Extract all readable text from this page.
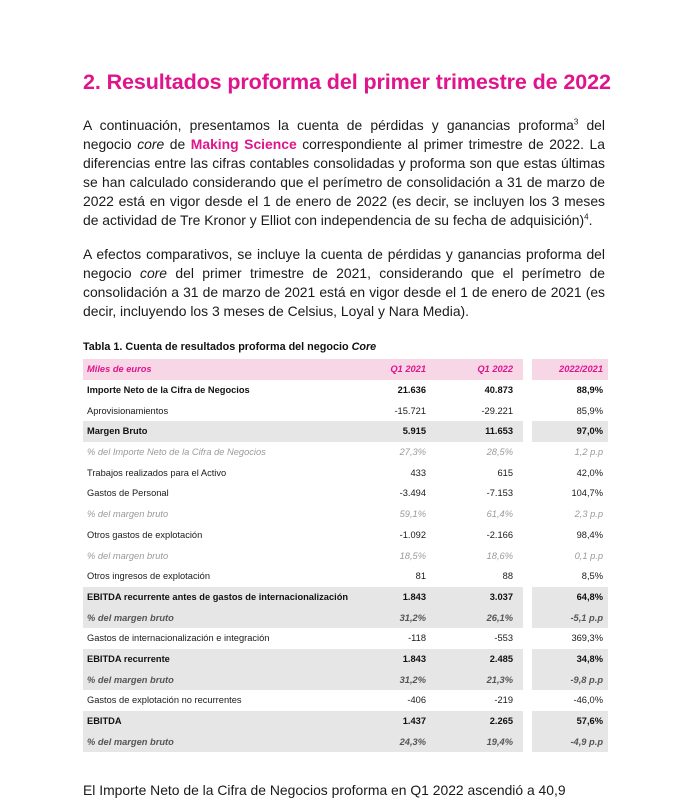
2. Resultados proforma del primer trimestre de 2022

A continuación, presentamos la cuenta de pérdidas y ganancias proforma$^3$ del negocio core de Making Science correspondiente al primer trimestre de 2022. La diferencias entre las cifras contables consolidadas y proforma son que estas últimas se han calculado considerando que el perímetro de consolidación a 31 de marzo de 2022 está en vigor desde el 1 de enero de 2022 (es decir, se incluyen los 3 meses de actividad de Tre Kronor y Elliot con independencia de su fecha de adquisición)$^4$.

A efectos comparativos, se incluye la cuenta de pérdidas y ganancias proforma del negocio core del primer trimestre de 2021, considerando que el perímetro de consolidación a 31 de marzo de 2021 está en vigor desde el 1 de enero de 2021 (es decir, incluyendo los 3 meses de Celsius, Loyal y Nara Media).

Tabla 1. Cuenta de resultados proforma del negocio Core

Miles de euros	Q1 2021	Q1 2022	2022/2021
Importe Neto de la Cifra de Negocios	21.636	40.873	88,9%
Aprovisionamientos	-15.721	-29.221	85,9%
Margen Bruto	5.915	11.653	97,0%
% del Importe Neto de la Cifra de Negocios	27,3%	28,5%	1,2 p.p
Trabajos realizados para el Activo	433	615	42,0%
Gastos de Personal	-3.494	-7.153	104,7%
% del margen bruto	59,1%	61,4%	2,3 p.p
Otros gastos de explotación	-1.092	-2.166	98,4%
% del margen bruto	18,5%	18,6%	0,1 p.p
Otros ingresos de explotación	81	88	8,5%
EBITDA recurrente antes de gastos de internacionalización	1.843	3.037	64,8%
% del margen bruto	31,2%	26,1%	-5,1 p.p
Gastos de internacionalización e integración	-118	-553	369,3%
EBITDA recurrente	1.843	2.485	34,8%
% del margen bruto	31,2%	21,3%	-9,8 p.p
Gastos de explotación no recurrentes	-406	-219	-46,0%
EBITDA	1.437	2.265	57,6%
% del margen bruto	24,3%	19,4%	-4,9 p.p

El Importe Neto de la Cifra de Negocios proforma en Q1 2022 ascendió a 40,9
